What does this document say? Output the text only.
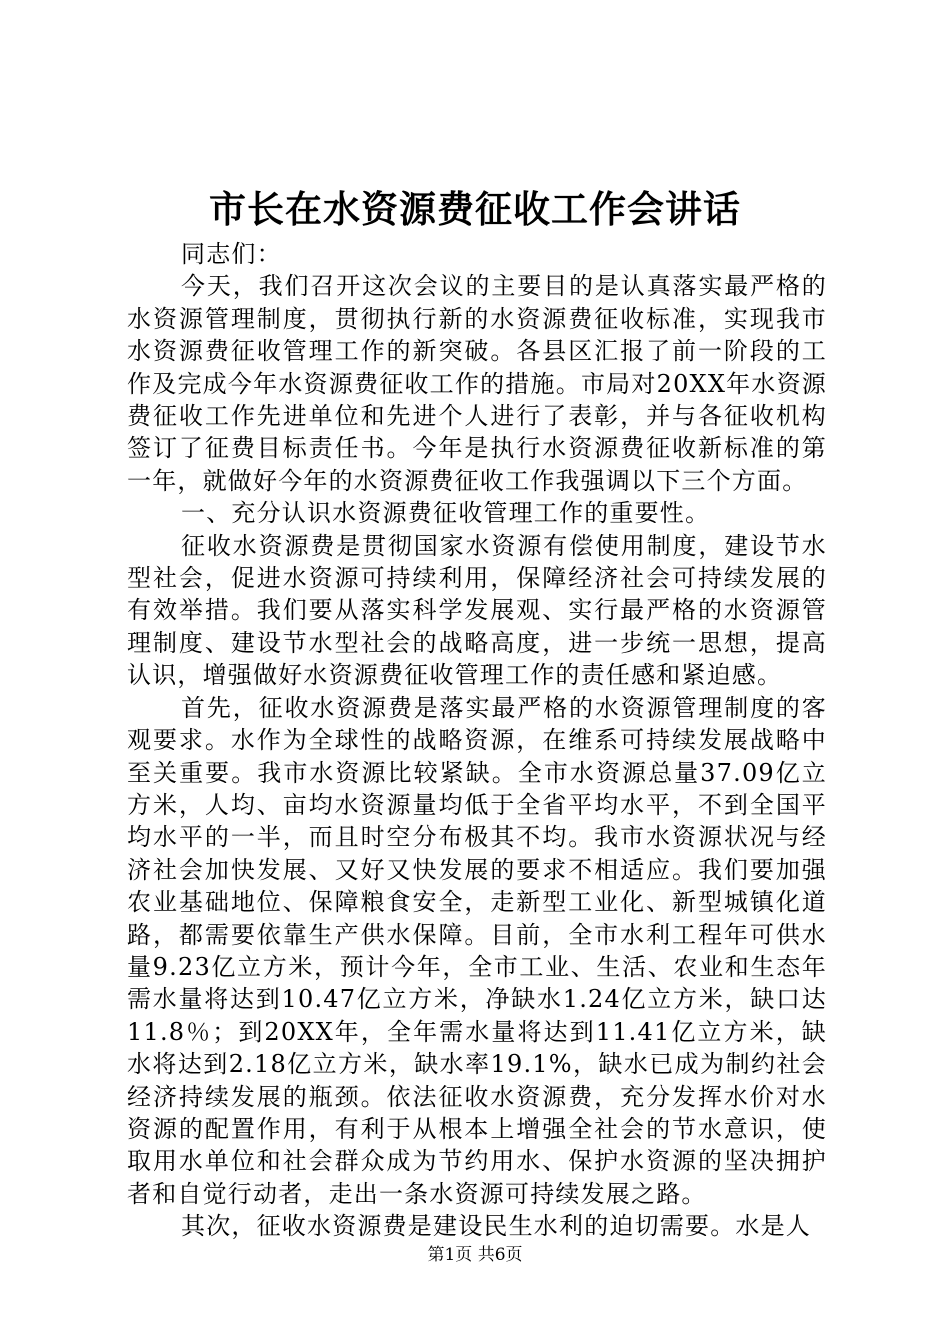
市长在水资源费征收工作会讲话

同志们：

今天，我们召开这次会议的主要目的是认真落实最严格的水资源管理制度，贯彻执行新的水资源费征收标准，实现我市水资源费征收管理工作的新突破。各县区汇报了前一阶段的工作及完成今年水资源费征收工作的措施。市局对20XX年水资源费征收工作先进单位和先进个人进行了表彰，并与各征收机构签订了征费目标责任书。今年是执行水资源费征收新标准的第一年，就做好今年的水资源费征收工作我强调以下三个方面。

一、充分认识水资源费征收管理工作的重要性。

征收水资源费是贯彻国家水资源有偿使用制度，建设节水型社会，促进水资源可持续利用，保障经济社会可持续发展的有效举措。我们要从落实科学发展观、实行最严格的水资源管理制度、建设节水型社会的战略高度，进一步统一思想，提高认识，增强做好水资源费征收管理工作的责任感和紧迫感。

首先，征收水资源费是落实最严格的水资源管理制度的客观要求。水作为全球性的战略资源，在维系可持续发展战略中至关重要。我市水资源比较紧缺。全市水资源总量37.09亿立方米，人均、亩均水资源量均低于全省平均水平，不到全国平均水平的一半，而且时空分布极其不均。我市水资源状况与经济社会加快发展、又好又快发展的要求不相适应。我们要加强农业基础地位、保障粮食安全，走新型工业化、新型城镇化道路，都需要依靠生产供水保障。目前，全市水利工程年可供水量9.23亿立方米，预计今年，全市工业、生活、农业和生态年需水量将达到10.47亿立方米，净缺水1.24亿立方米，缺口达11.8％；到20XX年，全年需水量将达到11.41亿立方米，缺水将达到2.18亿立方米，缺水率19.1%，缺水已成为制约社会经济持续发展的瓶颈。依法征收水资源费，充分发挥水价对水资源的配置作用，有利于从根本上增强全社会的节水意识，使取用水单位和社会群众成为节约用水、保护水资源的坚决拥护者和自觉行动者，走出一条水资源可持续发展之路。

其次，征收水资源费是建设民生水利的迫切需要。水是人

第1页 共6页
